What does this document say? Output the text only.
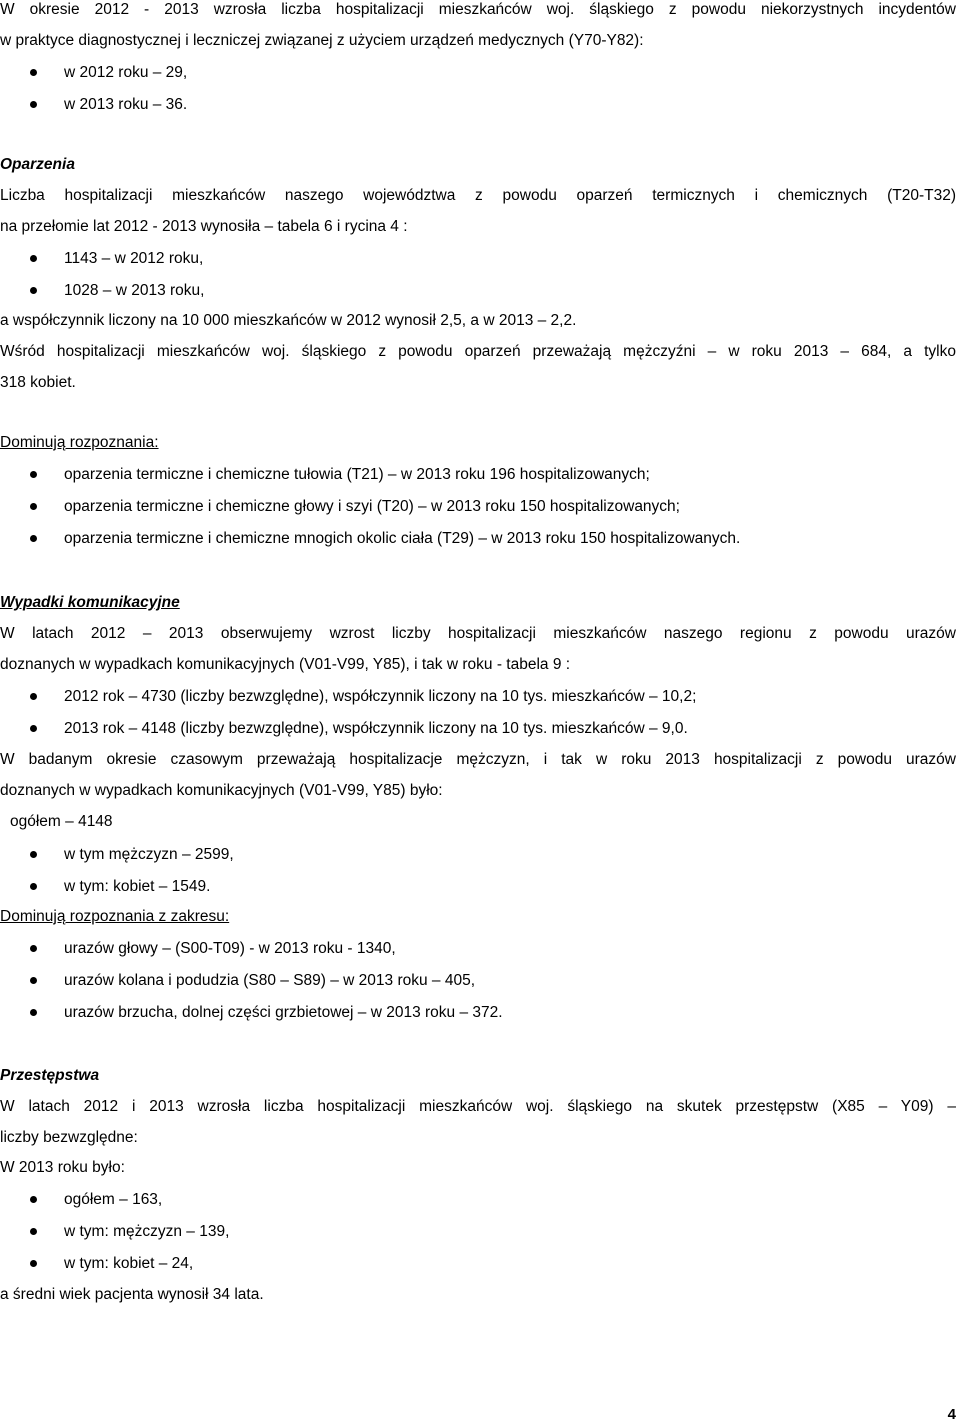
W okresie 2012 - 2013 wzrosła liczba hospitalizacji mieszkańców woj. śląskiego z powodu niekorzystnych incydentów
w praktyce diagnostycznej i leczniczej związanej z użyciem urządzeń medycznych (Y70-Y82):
w 2012 roku – 29,
w 2013 roku – 36.
Oparzenia
Liczba hospitalizacji mieszkańców naszego województwa z powodu oparzeń termicznych i chemicznych (T20-T32)
na przełomie lat 2012 - 2013 wynosiła – tabela 6 i rycina 4 :
1143 – w 2012 roku,
1028 – w 2013 roku,
a współczynnik liczony na 10 000 mieszkańców w 2012 wynosił 2,5, a w 2013 – 2,2.
Wśród hospitalizacji mieszkańców woj. śląskiego z powodu oparzeń przeważają mężczyźni – w roku 2013 – 684, a tylko
318 kobiet.
Dominują rozpoznania:
oparzenia termiczne i chemiczne tułowia (T21) – w 2013 roku 196 hospitalizowanych;
oparzenia termiczne i chemiczne głowy i szyi (T20) – w 2013 roku 150 hospitalizowanych;
oparzenia termiczne i chemiczne mnogich okolic ciała (T29) – w 2013 roku 150 hospitalizowanych.
Wypadki komunikacyjne
W latach 2012 – 2013 obserwujemy wzrost liczby hospitalizacji mieszkańców naszego regionu z powodu urazów
doznanych w wypadkach komunikacyjnych (V01-V99, Y85), i tak w roku - tabela 9 :
2012 rok – 4730 (liczby bezwzględne), współczynnik liczony na 10 tys. mieszkańców – 10,2;
2013 rok – 4148 (liczby bezwzględne), współczynnik liczony na 10 tys. mieszkańców – 9,0.
W badanym okresie czasowym przeważają hospitalizacje mężczyzn, i tak w roku 2013 hospitalizacji z powodu urazów
doznanych w wypadkach komunikacyjnych (V01-V99, Y85) było:
ogółem – 4148
w tym mężczyzn – 2599,
w tym: kobiet – 1549.
Dominują rozpoznania z zakresu:
urazów głowy – (S00-T09) - w 2013 roku - 1340,
urazów kolana i podudzia (S80 – S89) – w 2013 roku – 405,
urazów brzucha, dolnej części grzbietowej – w 2013 roku – 372.
Przestępstwa
W latach 2012 i 2013 wzrosła liczba hospitalizacji mieszkańców woj. śląskiego na skutek przestępstw (X85 – Y09) –
liczby bezwzględne:
W 2013 roku było:
ogółem – 163,
w tym: mężczyzn – 139,
w tym: kobiet – 24,
a średni wiek pacjenta wynosił 34 lata.
4
